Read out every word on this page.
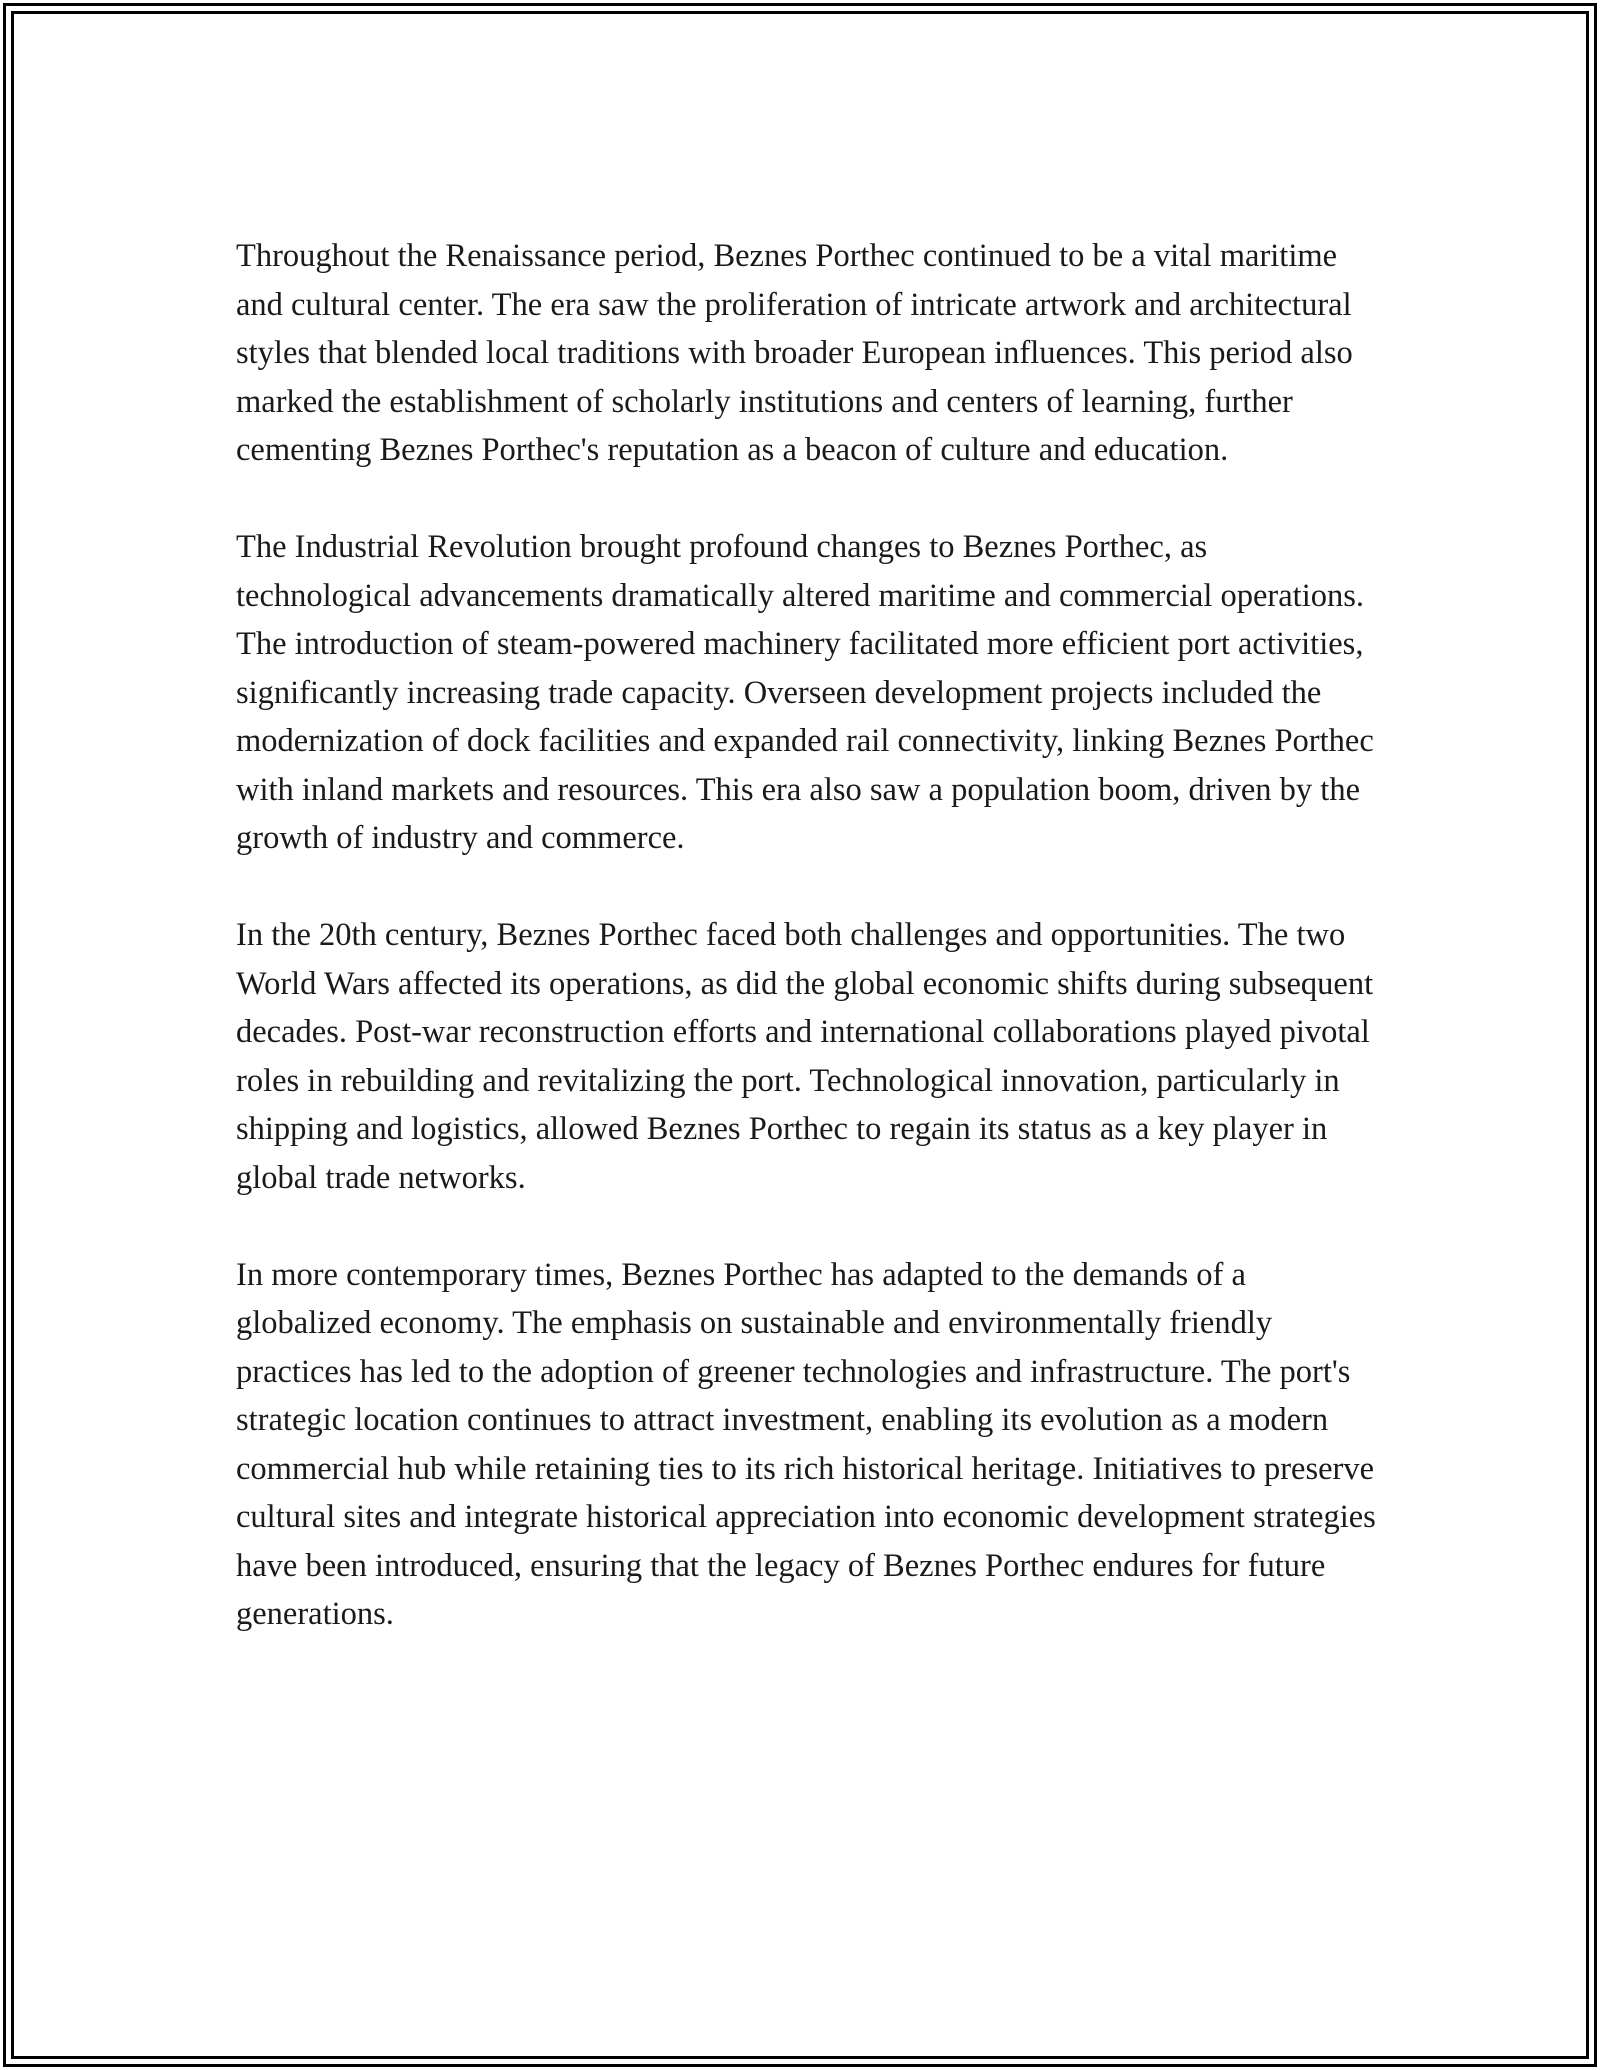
Throughout the Renaissance period, Beznes Porthec continued to be a vital maritime and cultural center. The era saw the proliferation of intricate artwork and architectural styles that blended local traditions with broader European influences. This period also marked the establishment of scholarly institutions and centers of learning, further cementing Beznes Porthec's reputation as a beacon of culture and education.

The Industrial Revolution brought profound changes to Beznes Porthec, as technological advancements dramatically altered maritime and commercial operations. The introduction of steam-powered machinery facilitated more efficient port activities, significantly increasing trade capacity. Overseen development projects included the modernization of dock facilities and expanded rail connectivity, linking Beznes Porthec with inland markets and resources. This era also saw a population boom, driven by the growth of industry and commerce.

In the 20th century, Beznes Porthec faced both challenges and opportunities. The two World Wars affected its operations, as did the global economic shifts during subsequent decades. Post-war reconstruction efforts and international collaborations played pivotal roles in rebuilding and revitalizing the port. Technological innovation, particularly in shipping and logistics, allowed Beznes Porthec to regain its status as a key player in global trade networks.

In more contemporary times, Beznes Porthec has adapted to the demands of a globalized economy. The emphasis on sustainable and environmentally friendly practices has led to the adoption of greener technologies and infrastructure. The port's strategic location continues to attract investment, enabling its evolution as a modern commercial hub while retaining ties to its rich historical heritage. Initiatives to preserve cultural sites and integrate historical appreciation into economic development strategies have been introduced, ensuring that the legacy of Beznes Porthec endures for future generations.
